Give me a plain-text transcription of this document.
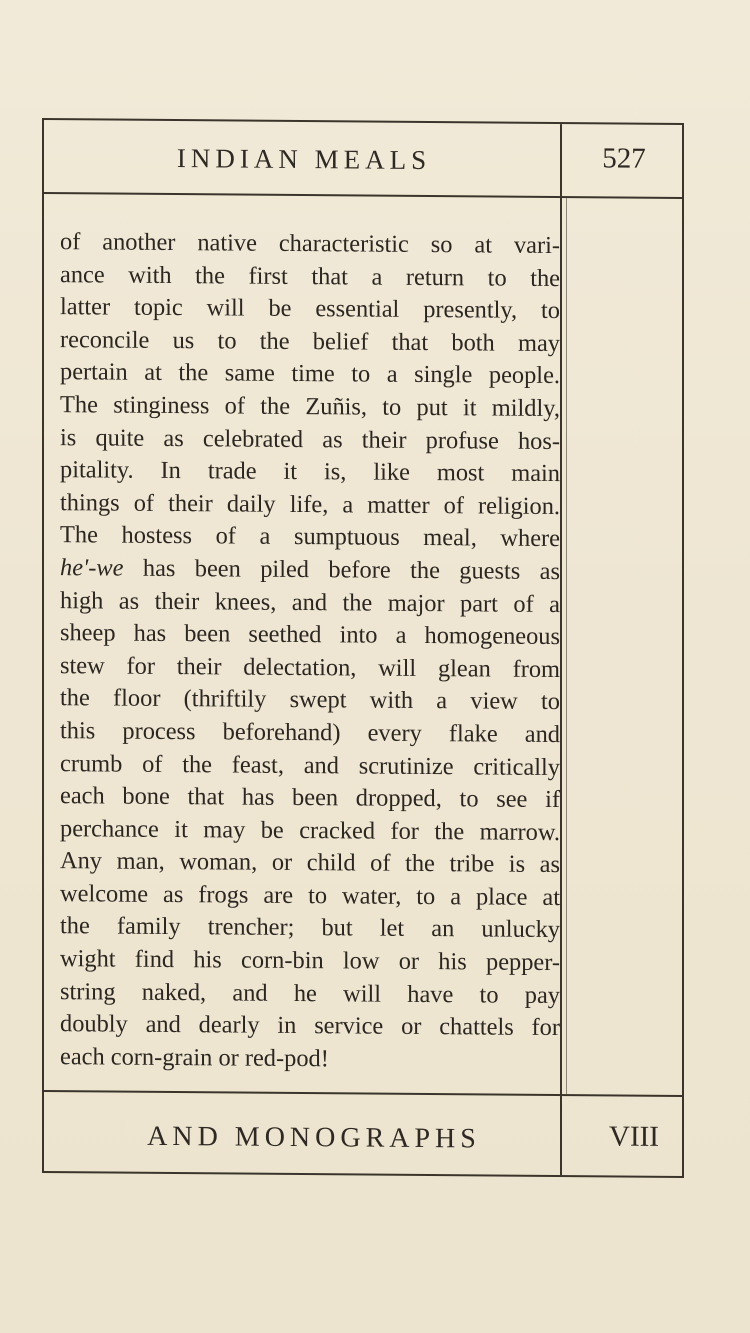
INDIAN MEALS	527
of another native characteristic so at vari-
ance with the first that a return to the
latter topic will be essential presently, to
reconcile us to the belief that both may
pertain at the same time to a single people.
The stinginess of the Zuñis, to put it mildly,
is quite as celebrated as their profuse hos-
pitality. In trade it is, like most main
things of their daily life, a matter of religion.
The hostess of a sumptuous meal, where
he'-we has been piled before the guests as
high as their knees, and the major part of a
sheep has been seethed into a homogeneous
stew for their delectation, will glean from
the floor (thriftily swept with a view to
this process beforehand) every flake and
crumb of the feast, and scrutinize critically
each bone that has been dropped, to see if
perchance it may be cracked for the marrow.
Any man, woman, or child of the tribe is as
welcome as frogs are to water, to a place at
the family trencher; but let an unlucky
wight find his corn-bin low or his pepper-
string naked, and he will have to pay
doubly and dearly in service or chattels for
each corn-grain or red-pod!
AND MONOGRAPHS	VIII
